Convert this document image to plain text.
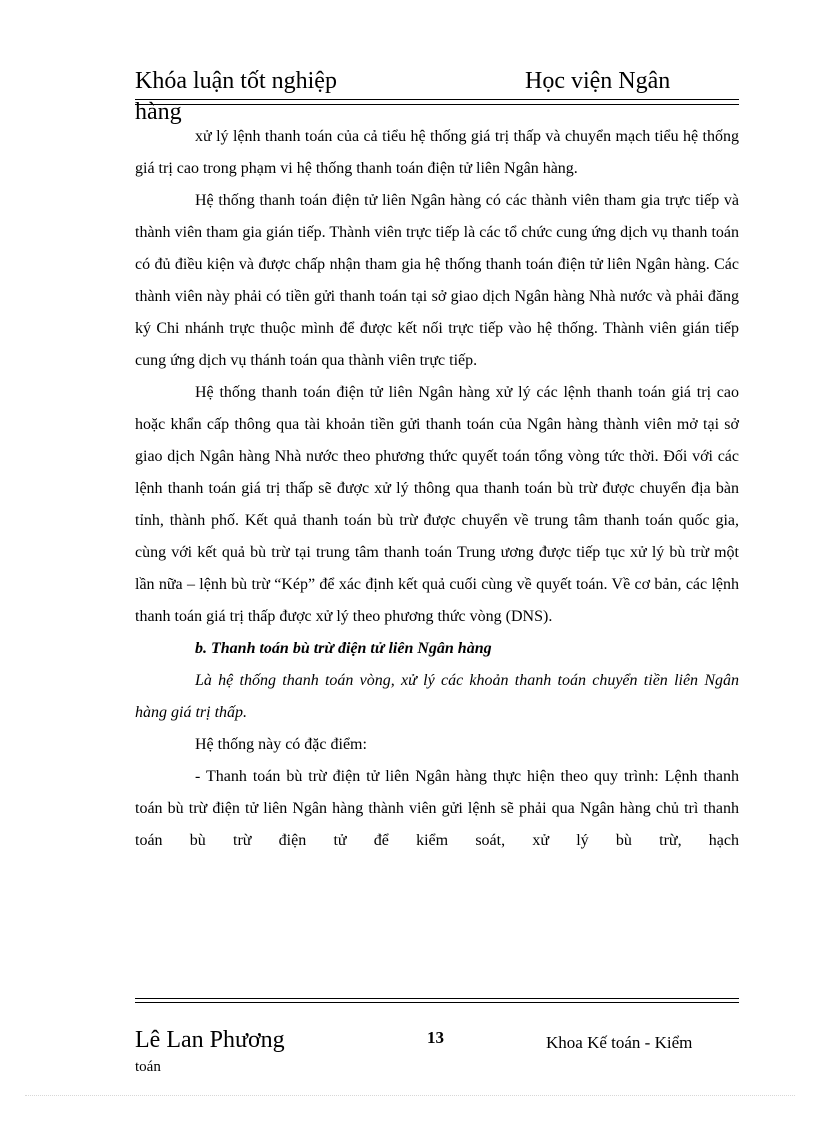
Khóa luận tốt nghiệp	Học viện Ngân
hàng

xử lý lệnh thanh toán của cả tiểu hệ thống giá trị thấp và chuyển mạch tiểu hệ thống giá trị cao trong phạm vi hệ thống thanh toán điện tử liên Ngân hàng.

Hệ thống thanh toán điện tử liên Ngân hàng có các thành viên tham gia trực tiếp và thành viên tham gia gián tiếp. Thành viên trực tiếp là các tổ chức cung ứng dịch vụ thanh toán có đủ điều kiện và được chấp nhận tham gia hệ thống thanh toán điện tử liên Ngân hàng. Các thành viên này phải có tiền gửi thanh toán tại sở giao dịch Ngân hàng Nhà nước và phải đăng ký Chi nhánh trực thuộc mình để được kết nối trực tiếp vào hệ thống. Thành viên gián tiếp cung ứng dịch vụ thánh toán qua thành viên trực tiếp.

Hệ thống thanh toán điện tử liên Ngân hàng xử lý các lệnh thanh toán giá trị cao hoặc khẩn cấp thông qua tài khoản tiền gửi thanh toán của Ngân hàng thành viên mở tại sở giao dịch Ngân hàng Nhà nước theo phương thức quyết toán tổng vòng tức thời. Đối với các lệnh thanh toán giá trị thấp sẽ được xử lý thông qua thanh toán bù trừ được chuyển địa bàn tỉnh, thành phố. Kết quả thanh toán bù trừ được chuyển về trung tâm thanh toán quốc gia, cùng với kết quả bù trừ tại trung tâm thanh toán Trung ương được tiếp tục xử lý bù trừ một lần nữa – lệnh bù trừ “Kép” để xác định kết quả cuối cùng về quyết toán. Về cơ bản, các lệnh thanh toán giá trị thấp được xử lý theo phương thức vòng (DNS).

b. Thanh toán bù trừ điện tử liên Ngân hàng

Là hệ thống thanh toán vòng, xử lý các khoản thanh toán chuyển tiền liên Ngân hàng giá trị thấp.

Hệ thống này có đặc điểm:

- Thanh toán bù trừ điện tử liên Ngân hàng thực hiện theo quy trình: Lệnh thanh toán bù trừ điện tử liên Ngân hàng thành viên gửi lệnh sẽ phải qua Ngân hàng chủ trì thanh toán bù trừ điện tử để kiểm soát, xử lý bù trừ, hạch

Lê Lan Phương
toán
13	Khoa Kế toán - Kiểm
